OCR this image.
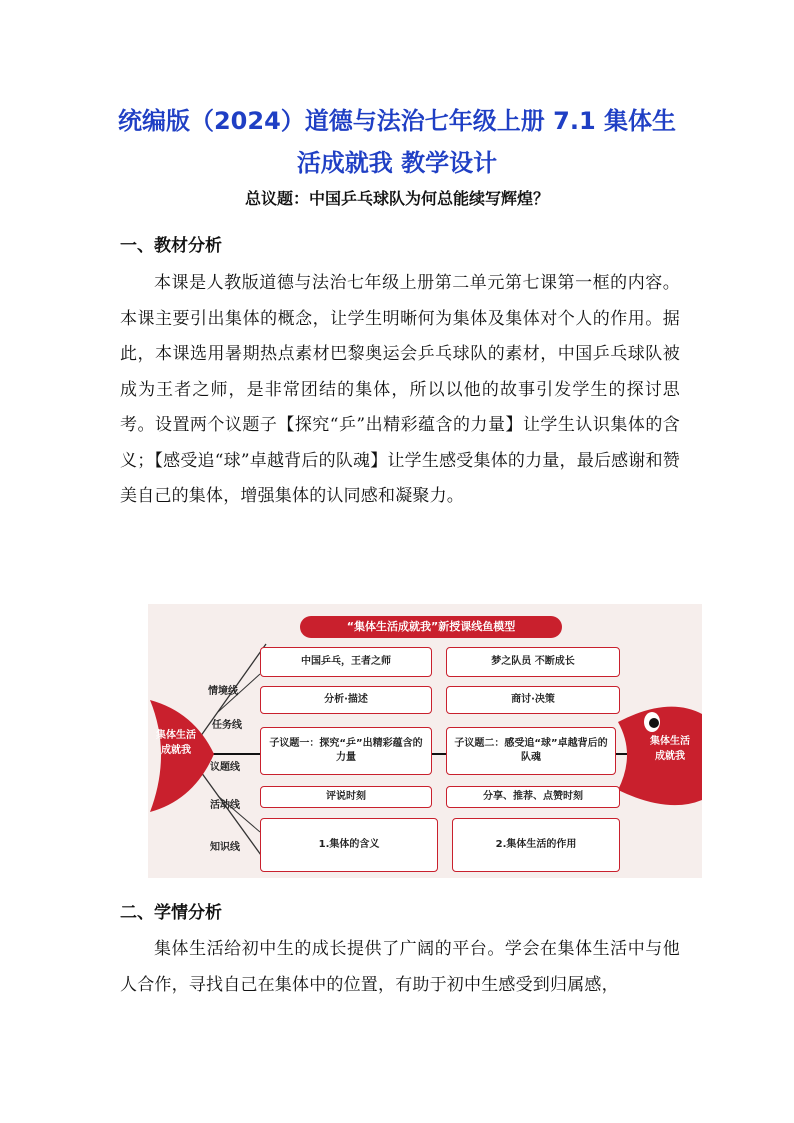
统编版（2024）道德与法治七年级上册 7.1 集体生
活成就我 教学设计
总议题：中国乒乓球队为何总能续写辉煌？
一、教材分析

本课是人教版道德与法治七年级上册第二单元第七课第一框的内容。本课主要引出集体的概念，让学生明晰何为集体及集体对个人的作用。据此，本课选用暑期热点素材巴黎奥运会乒乓球队的素材，中国乒乓球队被成为王者之师，是非常团结的集体，所以以他的故事引发学生的探讨思考。设置两个议题子【探究“乒”出精彩蕴含的力量】让学生认识集体的含义；【感受追“球”卓越背后的队魂】让学生感受集体的力量，最后感谢和赞美自己的集体，增强集体的认同感和凝聚力。

“集体生活成就我”新授课线鱼模型
集体生活成就我
集体生活成就我
情境线
任务线
议题线
活动线
知识线
中国乒乓，王者之师
分析·描述
子议题一：探究“乒”出精彩蕴含的力量
评说时刻
1.集体的含义
梦之队员 不断成长
商讨·决策
子议题二：感受追“球”卓越背后的队魂
分享、推荐、点赞时刻
2.集体生活的作用
二、学情分析

集体生活给初中生的成长提供了广阔的平台。学会在集体生活中与他人合作，寻找自己在集体中的位置，有助于初中生感受到归属感，
